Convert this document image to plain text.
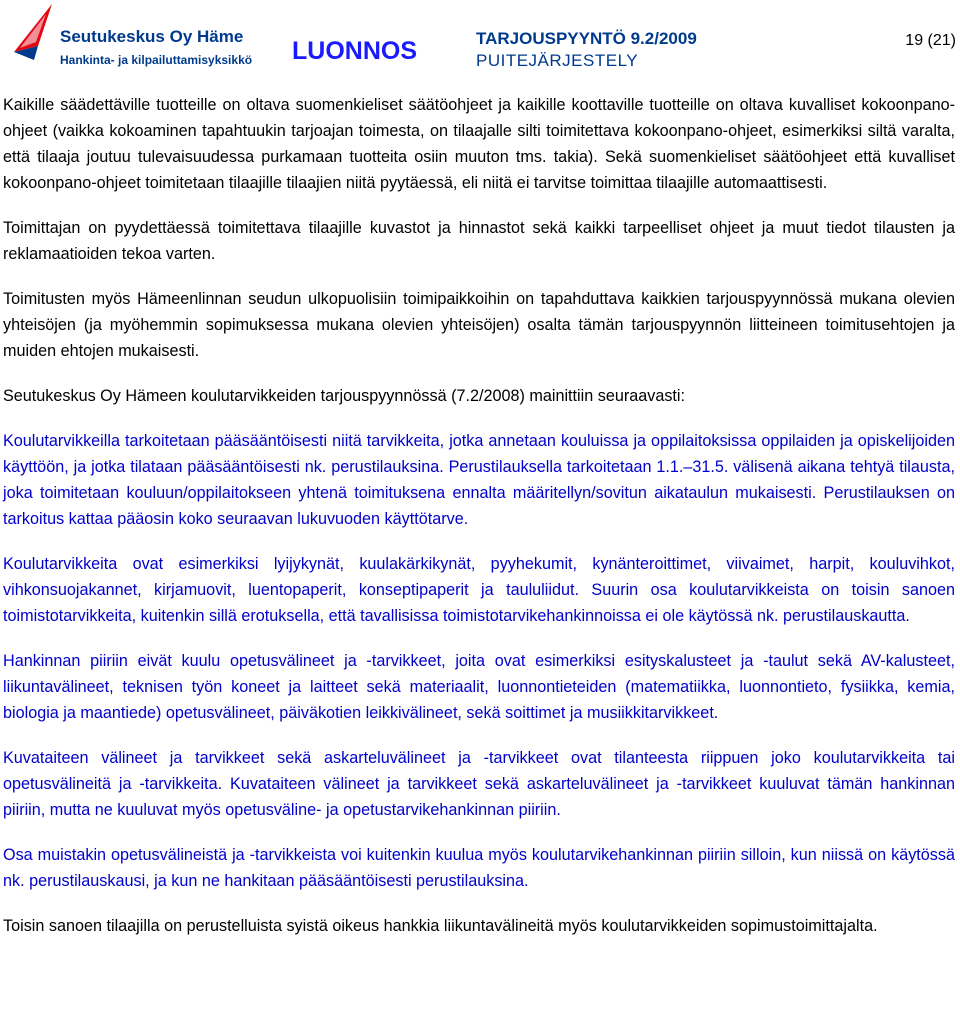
Seutukeskus Oy Häme
Hankinta- ja kilpailuttamisyksikkö LUONNOS	TARJOUSPYYNTÖ 9.2/2009
PUITEJÄRJESTELY
19 (21)

Kaikille säädettäville tuotteille on oltava suomenkieliset säätöohjeet ja kaikille koottaville tuotteille on oltava kuvalliset kokoonpano-ohjeet (vaikka kokoaminen tapahtuukin tarjoajan toimesta, on tilaajalle silti toimitettava kokoonpano-ohjeet, esimerkiksi siltä varalta, että tilaaja joutuu tulevaisuudessa purkamaan tuotteita osiin muuton tms. takia). Sekä suomenkieliset säätöohjeet että kuvalliset kokoonpano-ohjeet toimitetaan tilaajille tilaajien niitä pyytäessä, eli niitä ei tarvitse toimittaa tilaajille automaattisesti.

Toimittajan on pyydettäessä toimitettava tilaajille kuvastot ja hinnastot sekä kaikki tarpeelliset ohjeet ja muut tiedot tilausten ja reklamaatioiden tekoa varten.

Toimitusten myös Hämeenlinnan seudun ulkopuolisiin toimipaikkoihin on tapahduttava kaikkien tarjouspyynnössä mukana olevien yhteisöjen (ja myöhemmin sopimuksessa mukana olevien yhteisöjen) osalta tämän tarjouspyynnön liitteineen toimitusehtojen ja muiden ehtojen mukaisesti.

Seutukeskus Oy Hämeen koulutarvikkeiden tarjouspyynnössä (7.2/2008) mainittiin seuraavasti:

Koulutarvikkeilla tarkoitetaan pääsääntöisesti niitä tarvikkeita, jotka annetaan kouluissa ja oppilaitoksissa oppilaiden ja opiskelijoiden käyttöön, ja jotka tilataan pääsääntöisesti nk. perustilauksina. Perustilauksella tarkoitetaan 1.1.–31.5. välisenä aikana tehtyä tilausta, joka toimitetaan kouluun/oppilaitokseen yhtenä toimituksena ennalta määritellyn/sovitun aikataulun mukaisesti. Perustilauksen on tarkoitus kattaa pääosin koko seuraavan lukuvuoden käyttötarve.

Koulutarvikkeita ovat esimerkiksi lyijykynät, kuulakärkikynät, pyyhekumit, kynänteroittimet, viivaimet, harpit, kouluvihkot, vihkonsuojakannet, kirjamuovit, luentopaperit, konseptipaperit ja taululiidut. Suurin osa koulutarvikkeista on toisin sanoen toimistotarvikkeita, kuitenkin sillä erotuksella, että tavallisissa toimistotarvikehankinnoissa ei ole käytössä nk. perustilauskautta.

Hankinnan piiriin eivät kuulu opetusvälineet ja -tarvikkeet, joita ovat esimerkiksi esityskalusteet ja -taulut sekä AV-kalusteet, liikuntavälineet, teknisen työn koneet ja laitteet sekä materiaalit, luonnontieteiden (matematiikka, luonnontieto, fysiikka, kemia, biologia ja maantiede) opetusvälineet, päiväkotien leikkivälineet, sekä soittimet ja musiikkitarvikkeet.

Kuvataiteen välineet ja tarvikkeet sekä askarteluvälineet ja -tarvikkeet ovat tilanteesta riippuen joko koulutarvikkeita tai opetusvälineitä ja -tarvikkeita. Kuvataiteen välineet ja tarvikkeet sekä askarteluvälineet ja -tarvikkeet kuuluvat tämän hankinnan piiriin, mutta ne kuuluvat myös opetusväline- ja opetustarvikehankinnan piiriin.

Osa muistakin opetusvälineistä ja -tarvikkeista voi kuitenkin kuulua myös koulutarvikehankinnan piiriin silloin, kun niissä on käytössä nk. perustilauskausi, ja kun ne hankitaan pääsääntöisesti perustilauksina.

Toisin sanoen tilaajilla on perustelluista syistä oikeus hankkia liikuntavälineitä myös koulutarvikkeiden sopimustoimittajalta.
